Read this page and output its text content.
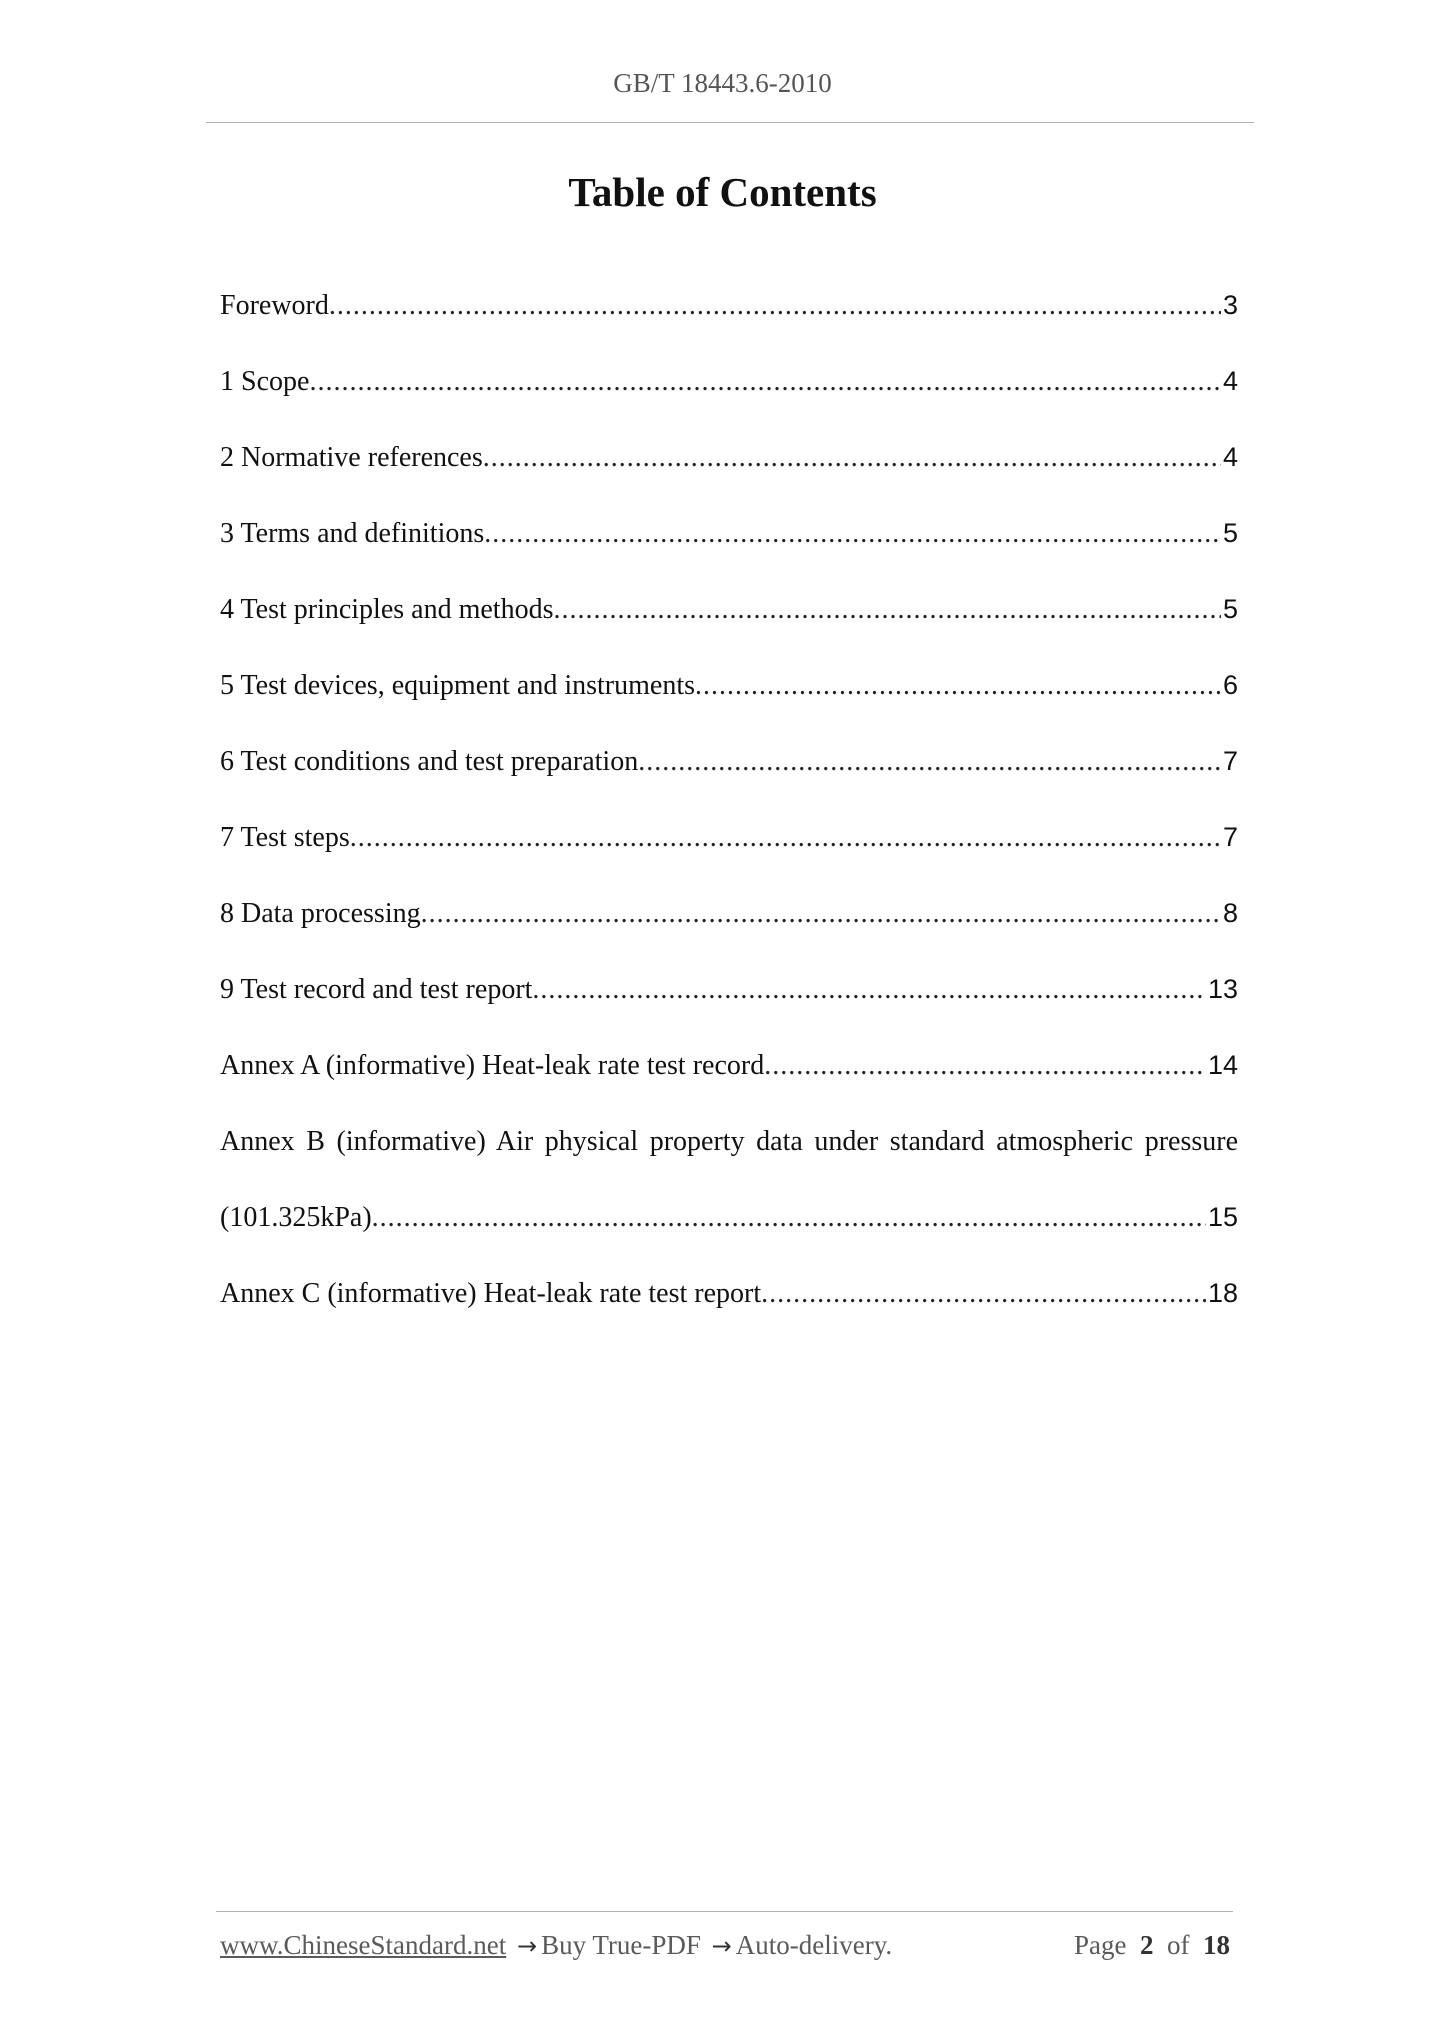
GB/T 18443.6-2010
Table of Contents
Foreword .....	3
1 Scope .....	4
2 Normative references .....	4
3 Terms and definitions .....	5
4 Test principles and methods .....	5
5 Test devices, equipment and instruments .....	6
6 Test conditions and test preparation .....	7
7 Test steps .....	7
8 Data processing .....	8
9 Test record and test report .....	13
Annex A (informative) Heat-leak rate test record .....	14
Annex B (informative) Air physical property data under standard atmospheric pressure
(101.325kPa) .....	15
Annex C (informative) Heat-leak rate test report .....	18
www.ChineseStandard.net → Buy True-PDF → Auto-delivery.	Page 2 of 18
